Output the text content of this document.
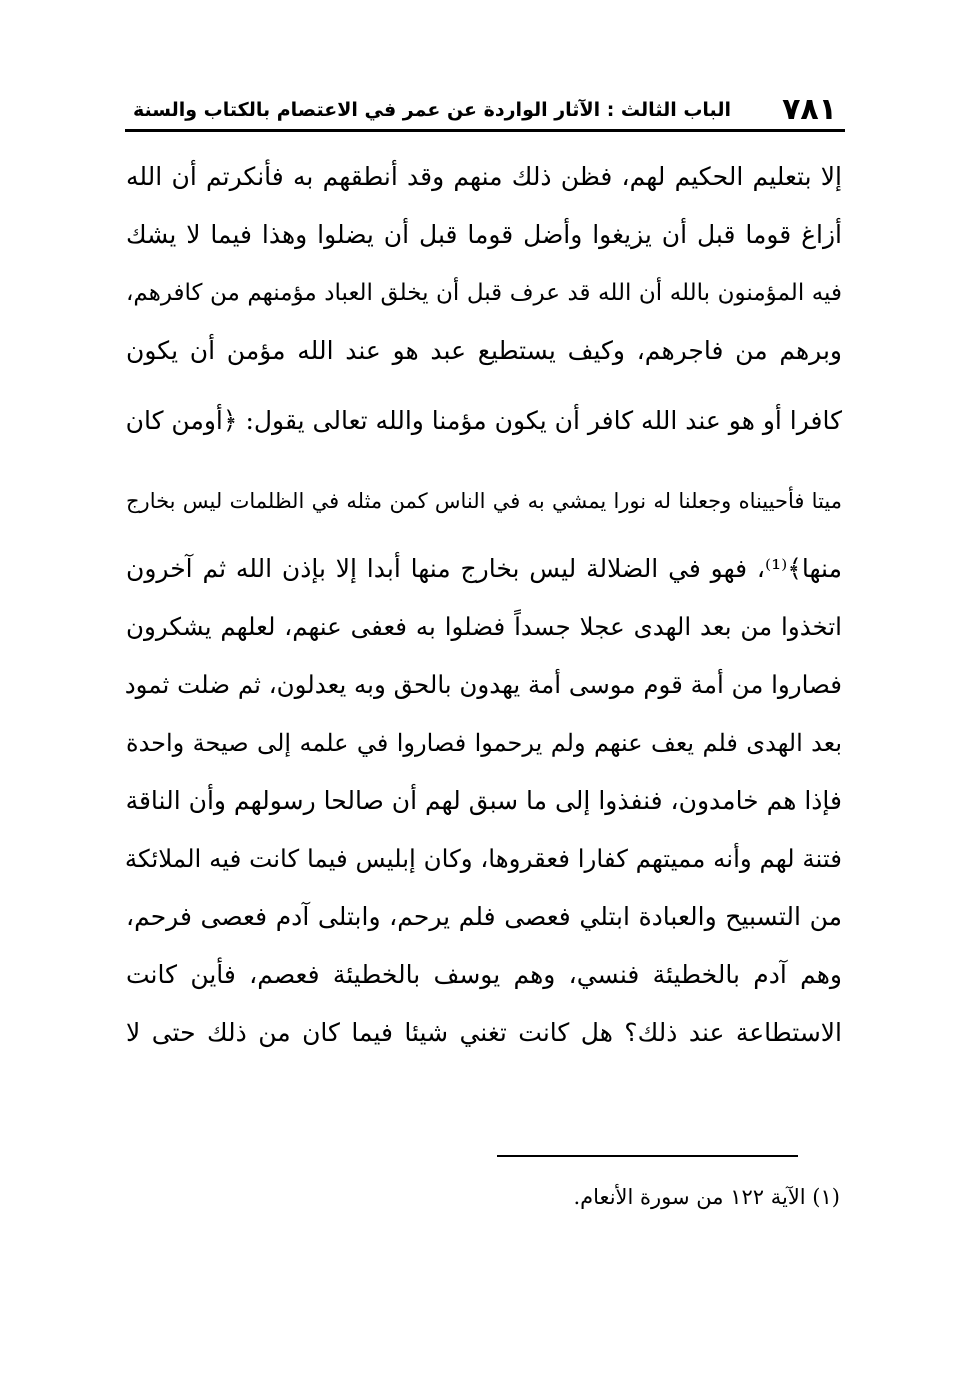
٧٨١
الباب الثالث : الآثار الواردة عن عمر في الاعتصام بالكتاب والسنة
إلا بتعليم الحكيم لهم، فظن ذلك منهم وقد أنطقهم به فأنكرتم أن الله
أزاغ قوما قبل أن يزيغوا وأضل قوما قبل أن يضلوا وهذا فيما لا يشك
فيه المؤمنون بالله أن الله قد عرف قبل أن يخلق العباد مؤمنهم من كافرهم،
وبرهم من فاجرهم، وكيف يستطيع عبد هو عند الله مؤمن أن يكون
كافرا أو هو عند الله كافر أن يكون مؤمنا والله تعالى يقول: ﴿أومن كان
ميتا فأحييناه وجعلنا له نورا يمشي به في الناس كمن مثله في الظلمات ليس بخارج
منها﴾⁽¹⁾، فهو في الضلالة ليس بخارج منها أبدا إلا بإذن الله ثم آخرون
اتخذوا من بعد الهدى عجلا جسداً فضلوا به فعفى عنهم، لعلهم يشكرون
فصاروا من أمة قوم موسى أمة يهدون بالحق وبه يعدلون، ثم ضلت ثمود
بعد الهدى فلم يعف عنهم ولم يرحموا فصاروا في علمه إلى صيحة واحدة
فإذا هم خامدون، فنفذوا إلى ما سبق لهم أن صالحا رسولهم وأن الناقة
فتنة لهم وأنه مميتهم كفارا فعقروها، وكان إبليس فيما كانت فيه الملائكة
من التسبيح والعبادة ابتلي فعصى فلم يرحم، وابتلى آدم فعصى فرحم،
وهم آدم بالخطيئة فنسي، وهم يوسف بالخطيئة فعصم، فأين كانت
الاستطاعة عند ذلك؟ هل كانت تغني شيئا فيما كان من ذلك حتى لا
(١) الآية ١٢٢ من سورة الأنعام.
